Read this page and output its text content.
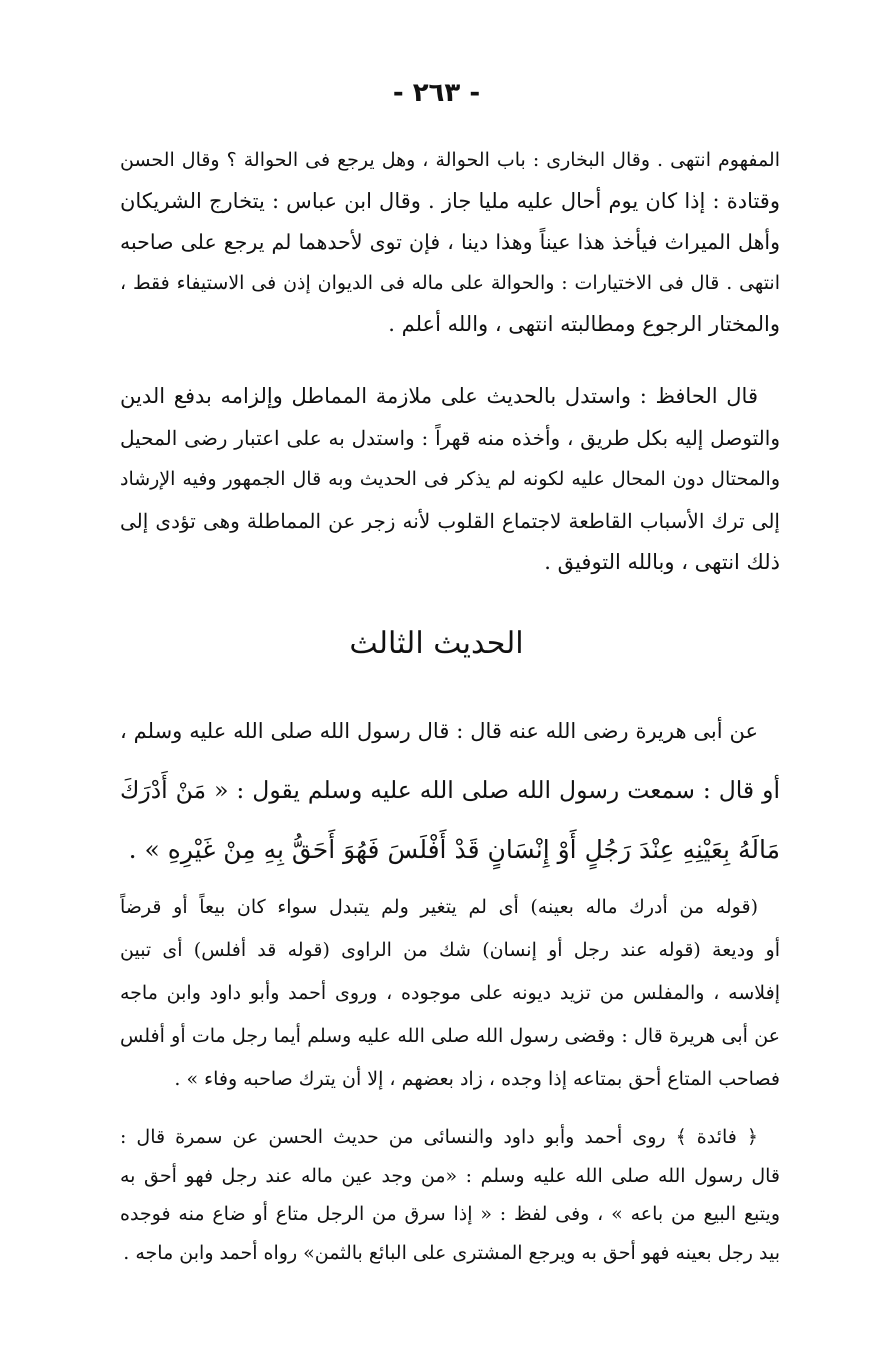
- ٢٦٣ -
المفهوم انتهى . وقال البخارى : باب الحوالة ، وهل يرجع فى الحوالة ؟ وقال الحسن
وقتادة : إذا كان يوم أحال عليه مليا جاز . وقال ابن عباس : يتخارج الشريكان
وأهل الميراث فيأخذ هذا عيناً وهذا دينا ، فإن توى لأحدهما لم يرجع على صاحبه
انتهى . قال فى الاختيارات : والحوالة على ماله فى الديوان إذن فى الاستيفاء فقط ،
والمختار الرجوع ومطالبته انتهى ، والله أعلم .
قال الحافظ : واستدل بالحديث على ملازمة المماطل وإلزامه بدفع الدين
والتوصل إليه بكل طريق ، وأخذه منه قهراً : واستدل به على اعتبار رضى المحيل
والمحتال دون المحال عليه لكونه لم يذكر فى الحديث وبه قال الجمهور وفيه الإرشاد
إلى ترك الأسباب القاطعة لاجتماع القلوب لأنه زجر عن المماطلة وهى تؤدى إلى
ذلك انتهى ، وبالله التوفيق .
الحديث الثالث
عن أبى هريرة رضى الله عنه قال : قال رسول الله صلى الله عليه وسلم ،
أو قال : سمعت رسول الله صلى الله عليه وسلم يقول : « مَنْ أَدْرَكَ
مَالَهُ بِعَيْنِهِ عِنْدَ رَجُلٍ أَوْ إِنْسَانٍ قَدْ أَفْلَسَ فَهُوَ أَحَقُّ بِهِ مِنْ غَيْرِهِ » .
(قوله من أدرك ماله بعينه) أى لم يتغير ولم يتبدل سواء كان بيعاً أو قرضاً
أو وديعة (قوله عند رجل أو إنسان) شك من الراوى (قوله قد أفلس) أى تبين
إفلاسه ، والمفلس من تزيد ديونه على موجوده ، وروى أحمد وأبو داود وابن ماجه
عن أبى هريرة قال : وقضى رسول الله صلى الله عليه وسلم أيما رجل مات أو أفلس
فصاحب المتاع أحق بمتاعه إذا وجده ، زاد بعضهم ، إلا أن يترك صاحبه وفاء » .
﴿ فائدة ﴾ روى أحمد وأبو داود والنسائى من حديث الحسن عن سمرة قال :
قال رسول الله صلى الله عليه وسلم : «من وجد عين ماله عند رجل فهو أحق به
ويتبع البيع من باعه » ، وفى لفظ : « إذا سرق من الرجل متاع أو ضاع منه فوجده
بيد رجل بعينه فهو أحق به ويرجع المشترى على البائع بالثمن» رواه أحمد وابن ماجه .
